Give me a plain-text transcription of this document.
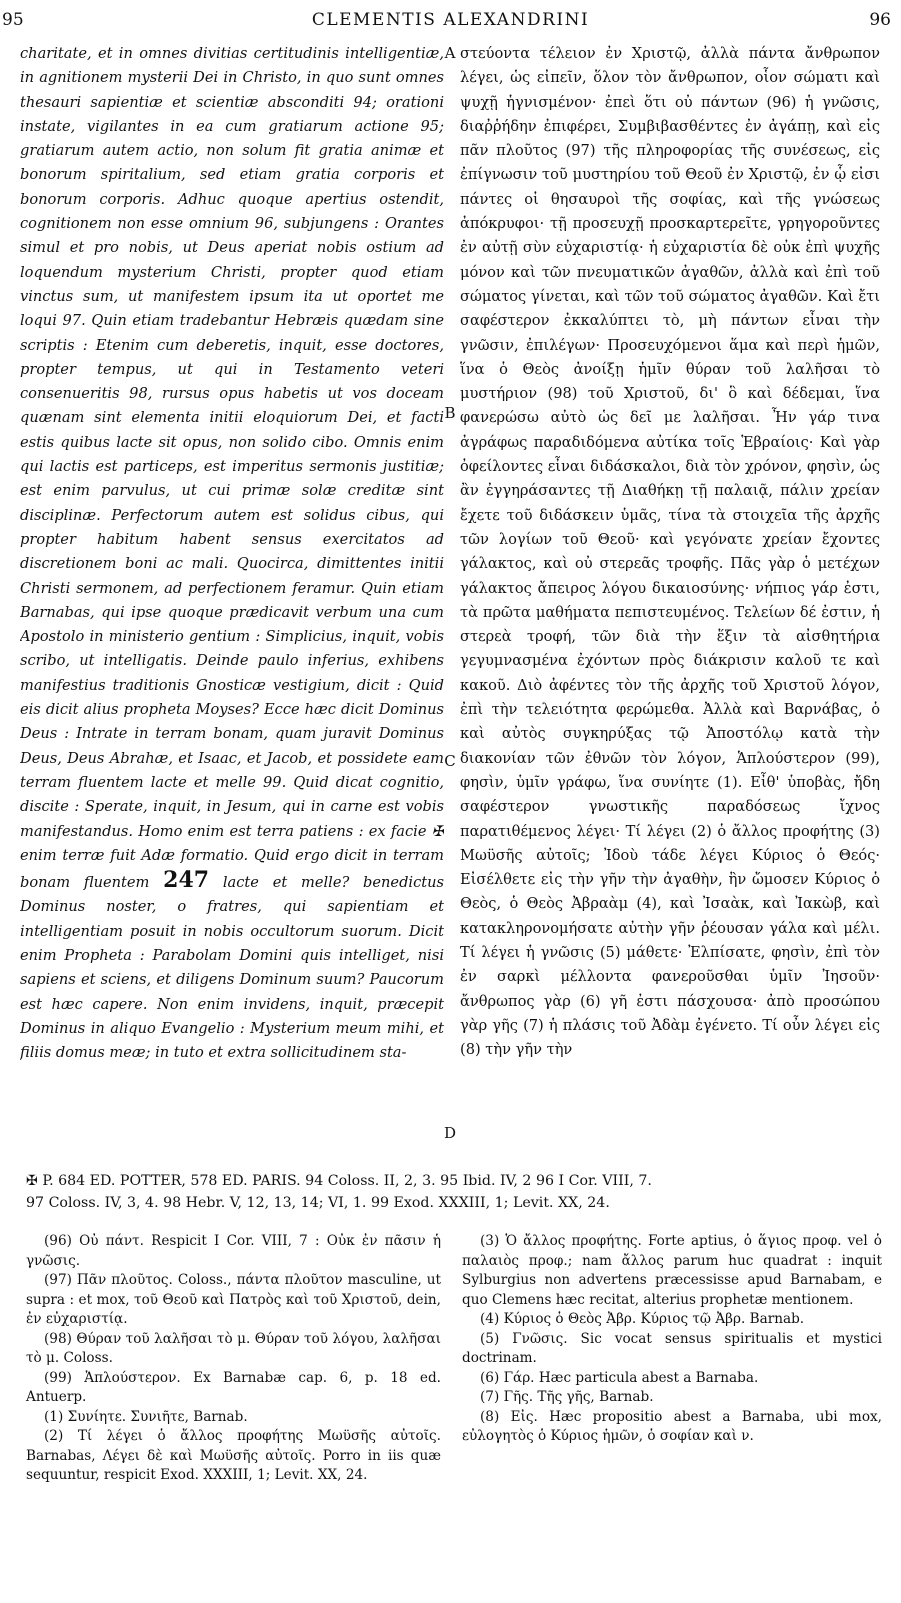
95	CLEMENTIS ALEXANDRINI	96

charitate, et in omnes divitias certitudinis intelligentiæ, in agnitionem mysterii Dei in Christo, in quo sunt omnes thesauri sapientiæ et scientiæ absconditi 94; orationi instate, vigilantes in ea cum gratiarum actione 95; gratiarum autem actio, non solum fit gratia animæ et bonorum spiritalium, sed etiam gratia corporis et bonorum corporis. Adhuc quoque apertius ostendit, cognitionem non esse omnium 96, subjungens : Orantes simul et pro nobis, ut Deus aperiat nobis ostium ad loquendum mysterium Christi, propter quod etiam vinctus sum, ut manifestem ipsum ita ut oportet me loqui 97. Quin etiam tradebantur Hebræis quædam sine scriptis : Etenim cum deberetis, inquit, esse doctores, propter tempus, ut qui in Testamento veteri consenueritis 98, rursus opus habetis ut vos doceam quænam sint elementa initii eloquiorum Dei, et facti estis quibus lacte sit opus, non solido cibo. Omnis enim qui lactis est particeps, est imperitus sermonis justitiæ; est enim parvulus, ut cui primæ solæ creditæ sint disciplinæ. Perfectorum autem est solidus cibus, qui propter habitum habent sensus exercitatos ad discretionem boni ac mali. Quocirca, dimittentes initii Christi sermonem, ad perfectionem feramur. Quin etiam Barnabas, qui ipse quoque prædicavit verbum una cum Apostolo in ministerio gentium : Simplicius, inquit, vobis scribo, ut intelligatis. Deinde paulo inferius, exhibens manifestius traditionis Gnosticæ vestigium, dicit : Quid eis dicit alius propheta Moyses? Ecce hæc dicit Dominus Deus : Intrate in terram bonam, quam juravit Dominus Deus, Deus Abrahæ, et Isaac, et Jacob, et possidete eam terram fluentem lacte et melle 99. Quid dicat cognitio, discite : Sperate, inquit, in Jesum, qui in carne est vobis manifestandus. Homo enim est terra patiens : ex facie ✠ enim terræ fuit Adæ formatio. Quid ergo dicit in terram bonam fluentem 247 lacte et melle? benedictus Dominus noster, o fratres, qui sapientiam et intelligentiam posuit in nobis occultorum suorum. Dicit enim Propheta : Parabolam Domini quis intelliget, nisi sapiens et sciens, et diligens Dominum suum? Paucorum est hæc capere. Non enim invidens, inquit, præcepit Dominus in aliquo Evangelio : Mysterium meum mihi, et filiis domus meæ; in tuto et extra sollicitudinem sta-

A
B
C
D

στεύοντα τέλειον ἐν Χριστῷ, ἀλλὰ πάντα ἄνθρωπον λέγει, ὡς εἰπεῖν, ὅλον τὸν ἄνθρωπον, οἷον σώματι καὶ ψυχῇ ἡγνισμένον· ἐπεὶ ὅτι οὐ πάντων (96) ἡ γνῶσις, διαῤῥήδην ἐπιφέρει, Συμβιβασθέντες ἐν ἀγάπῃ, καὶ εἰς πᾶν πλοῦτος (97) τῆς πληροφορίας τῆς συνέσεως, εἰς ἐπίγνωσιν τοῦ μυστηρίου τοῦ Θεοῦ ἐν Χριστῷ, ἐν ᾧ εἰσι πάντες οἱ θησαυροὶ τῆς σοφίας, καὶ τῆς γνώσεως ἀπόκρυφοι· τῇ προσευχῇ προσκαρτερεῖτε, γρηγοροῦντες ἐν αὐτῇ σὺν εὐχαριστίᾳ· ἡ εὐχαριστία δὲ οὐκ ἐπὶ ψυχῆς μόνον καὶ τῶν πνευματικῶν ἀγαθῶν, ἀλλὰ καὶ ἐπὶ τοῦ σώματος γίνεται, καὶ τῶν τοῦ σώματος ἀγαθῶν. Καὶ ἔτι σαφέστερον ἐκκαλύπτει τὸ, μὴ πάντων εἶναι τὴν γνῶσιν, ἐπιλέγων· Προσευχόμενοι ἅμα καὶ περὶ ἡμῶν, ἵνα ὁ Θεὸς ἀνοίξῃ ἡμῖν θύραν τοῦ λαλῆσαι τὸ μυστήριον (98) τοῦ Χριστοῦ, δι' ὃ καὶ δέδεμαι, ἵνα φανερώσω αὐτὸ ὡς δεῖ με λαλῆσαι. Ἦν γάρ τινα ἀγράφως παραδιδόμενα αὐτίκα τοῖς Ἑβραίοις· Καὶ γὰρ ὀφείλοντες εἶναι διδάσκαλοι, διὰ τὸν χρόνον, φησὶν, ὡς ἂν ἐγγηράσαντες τῇ Διαθήκῃ τῇ παλαιᾷ, πάλιν χρείαν ἔχετε τοῦ διδάσκειν ὑμᾶς, τίνα τὰ στοιχεῖα τῆς ἀρχῆς τῶν λογίων τοῦ Θεοῦ· καὶ γεγόνατε χρείαν ἔχοντες γάλακτος, καὶ οὐ στερεᾶς τροφῆς. Πᾶς γὰρ ὁ μετέχων γάλακτος ἄπειρος λόγου δικαιοσύνης· νήπιος γάρ ἐστι, τὰ πρῶτα μαθήματα πεπιστευμένος. Τελείων δέ ἐστιν, ἡ στερεὰ τροφή, τῶν διὰ τὴν ἕξιν τὰ αἰσθητήρια γεγυμνασμένα ἐχόντων πρὸς διάκρισιν καλοῦ τε καὶ κακοῦ. Διὸ ἀφέντες τὸν τῆς ἀρχῆς τοῦ Χριστοῦ λόγον, ἐπὶ τὴν τελειότητα φερώμεθα. Ἀλλὰ καὶ Βαρνάβας, ὁ καὶ αὐτὸς συγκηρύξας τῷ Ἀποστόλῳ κατὰ τὴν διακονίαν τῶν ἐθνῶν τὸν λόγον, Ἁπλούστερον (99), φησὶν, ὑμῖν γράφω, ἵνα συνίητε (1). Εἶθ' ὑποβὰς, ἤδη σαφέστερον γνωστικῆς παραδόσεως ἴχνος παρατιθέμενος λέγει· Τί λέγει (2) ὁ ἄλλος προφήτης (3) Μωϋσῆς αὐτοῖς; Ἰδοὺ τάδε λέγει Κύριος ὁ Θεός· Εἰσέλθετε εἰς τὴν γῆν τὴν ἀγαθὴν, ἣν ὤμοσεν Κύριος ὁ Θεὸς, ὁ Θεὸς Ἀβραὰμ (4), καὶ Ἰσαὰκ, καὶ Ἰακὼβ, καὶ κατακληρονομήσατε αὐτὴν γῆν ῥέουσαν γάλα καὶ μέλι. Τί λέγει ἡ γνῶσις (5) μάθετε· Ἐλπίσατε, φησὶν, ἐπὶ τὸν ἐν σαρκὶ μέλλοντα φανεροῦσθαι ὑμῖν Ἰησοῦν· ἄνθρωπος γὰρ (6) γῆ ἐστι πάσχουσα· ἀπὸ προσώπου γὰρ γῆς (7) ἡ πλάσις τοῦ Ἀδὰμ ἐγένετο. Τί οὖν λέγει εἰς (8) τὴν γῆν τὴν

✠ P. 684 ED. POTTER, 578 ED. PARIS. 94 Coloss. II, 2, 3. 95 Ibid. IV, 2 96 I Cor. VIII, 7.

97 Coloss. IV, 3, 4. 98 Hebr. V, 12, 13, 14; VI, 1. 99 Exod. XXXIII, 1; Levit. XX, 24.

(96) Οὐ πάντ. Respicit I Cor. VIII, 7 : Οὐκ ἐν πᾶσιν ἡ γνῶσις.

(97) Πᾶν πλοῦτος. Coloss., πάντα πλοῦτον masculine, ut supra : et mox, τοῦ Θεοῦ καὶ Πατρὸς καὶ τοῦ Χριστοῦ, dein, ἐν εὐχαριστίᾳ.

(98) Θύραν τοῦ λαλῆσαι τὸ μ. Θύραν τοῦ λόγου, λαλῆσαι τὸ μ. Coloss.

(99) Ἁπλούστερον. Ex Barnabæ cap. 6, p. 18 ed. Antuerp.

(1) Συνίητε. Συνιῆτε, Barnab.

(2) Τί λέγει ὁ ἄλλος προφήτης Μωϋσῆς αὐτοῖς. Barnabas, Λέγει δὲ καὶ Μωϋσῆς αὐτοῖς. Porro in iis quæ sequuntur, respicit Exod. XXXIII, 1; Levit. XX, 24.

(3) Ὁ ἄλλος προφήτης. Forte aptius, ὁ ἅγιος προφ. vel ὁ παλαιὸς προφ.; nam ἄλλος parum huc quadrat : inquit Sylburgius non advertens præcessisse apud Barnabam, e quo Clemens hæc recitat, alterius prophetæ mentionem.

(4) Κύριος ὁ Θεὸς Ἀβρ. Κύριος τῷ Ἀβρ. Barnab.

(5) Γνῶσις. Sic vocat sensus spiritualis et mystici doctrinam.

(6) Γάρ. Hæc particula abest a Barnaba.

(7) Γῆς. Τῆς γῆς, Barnab.

(8) Εἰς. Hæc propositio abest a Barnaba, ubi mox, εὐλογητὸς ὁ Κύριος ἡμῶν, ὁ σοφίαν καὶ ν.
